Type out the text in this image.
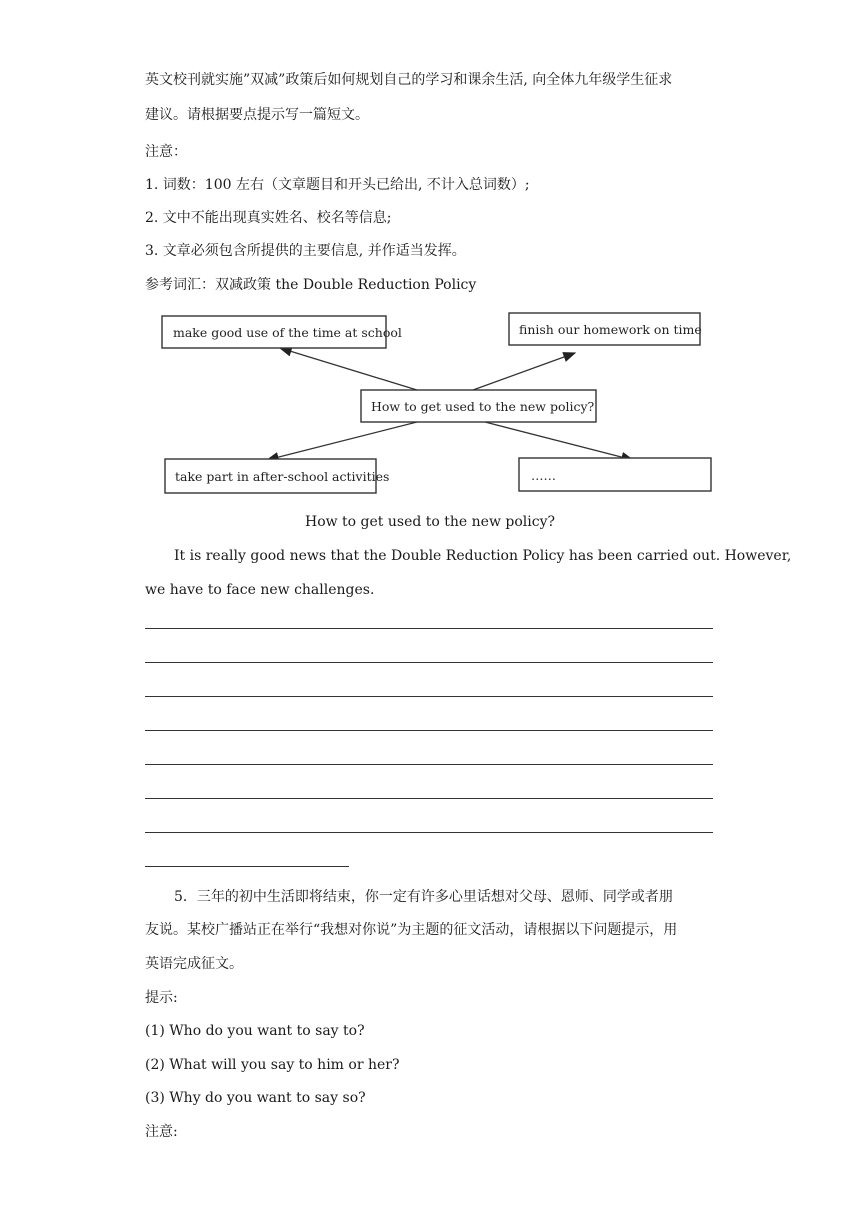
英文校刊就实施”双减”政策后如何规划自己的学习和课余生活, 向全体九年级学生征求
建议。请根据要点提示写一篇短文。
注意：
1. 词数：100 左右（文章题目和开头已给出, 不计入总词数）;
2. 文中不能出现真实姓名、校名等信息;
3. 文章必须包含所提供的主要信息, 并作适当发挥。
参考词汇：双减政策 the Double Reduction Policy
make good use of the time at school	finish our homework on time
How to get used to the new policy?
take part in after-school activities	……
How to get used to the new policy?
It is really good news that the Double Reduction Policy has been carried out. However,
we have to face new challenges.
5．三年的初中生活即将结束，你一定有许多心里话想对父母、恩师、同学或者朋
友说。某校广播站正在举行“我想对你说”为主题的征文活动，请根据以下问题提示，用
英语完成征文。
提示:
(1) Who do you want to say to?
(2) What will you say to him or her?
(3) Why do you want to say so?
注意:
